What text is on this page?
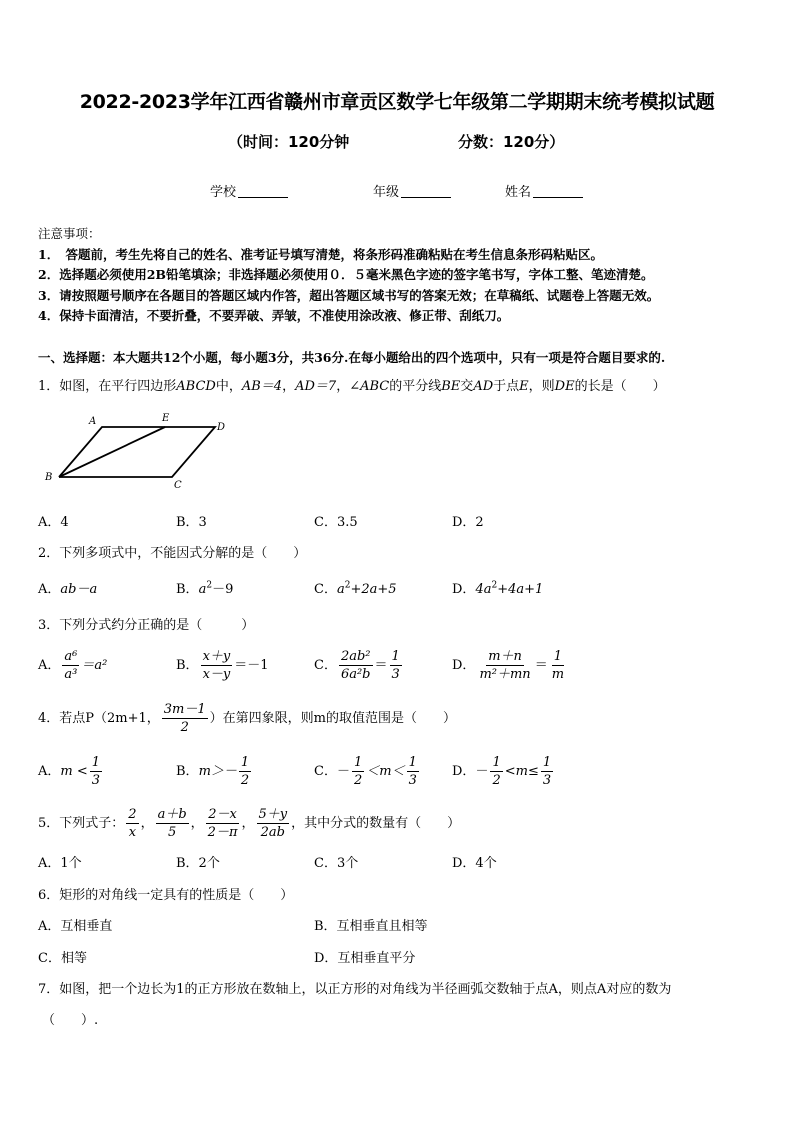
2022-2023学年江西省赣州市章贡区数学七年级第二学期期末统考模拟试题
（时间：120分钟	分数：120分）
学校	年级	姓名
注意事项：
1．　答题前，考生先将自己的姓名、准考证号填写清楚，将条形码准确粘贴在考生信息条形码粘贴区。
2．选择题必须使用2B铅笔填涂；非选择题必须使用０．５毫米黑色字迹的签字笔书写，字体工整、笔迹清楚。
3．请按照题号顺序在各题目的答题区域内作答，超出答题区域书写的答案无效；在草稿纸、试题卷上答题无效。
4．保持卡面清洁，不要折叠，不要弄破、弄皱，不准使用涂改液、修正带、刮纸刀。
一、选择题：本大题共12个小题，每小题3分，共36分.在每小题给出的四个选项中，只有一项是符合题目要求的.
1．如图，在平行四边形ABCD中，AB＝4，AD＝7，∠ABC的平分线BE交AD于点E，则DE的长是（　　）
A	E
D
B
C
A．4	B．3	C．3.5	D．2
2．下列多项式中，不能因式分解的是（　　）
A．ab－a	B．$a^2-9$	C．$a^2+2a+5$	D．$4a^2+4a+1$
3．下列分式约分正确的是（　　　）
A． $\frac{\text{a⁶}}{\text{a³}} =a^2$	B． $\frac{x+y}{x-y} =-1$	C． $\frac{\text{2ab²}}{\text{6a²b}} = \frac{1}{3}$	D． $\frac{m+n}{\text{m²＋mn}} = \frac{1}{m}$
4．若点P（2m+1， $\frac{3m-1}{2}$ ）在第四象限，则m的取值范围是（　　）
A．$m < \frac{1}{3}$	B．$m>- \frac{1}{2}$	C．－ $\frac{1}{2} <m< \frac{1}{3}$	D．－ $\frac{1}{2} <m\le \frac{1}{3}$
5．下列式子： $\frac{2}{x}$ ， $\frac{a+b}{5}$ ， $\frac{2-x}{2-\pi}$ ， $\frac{5+y}{2ab}$ ，其中分式的数量有（　　）
A．1个	B．2个	C．3个	D．4个
6．矩形的对角线一定具有的性质是（　　）
A．互相垂直	B．互相垂直且相等
C．相等	D．互相垂直平分
7．如图，把一个边长为1的正方形放在数轴上，以正方形的对角线为半径画弧交数轴于点A，则点A对应的数为
（　　）.
